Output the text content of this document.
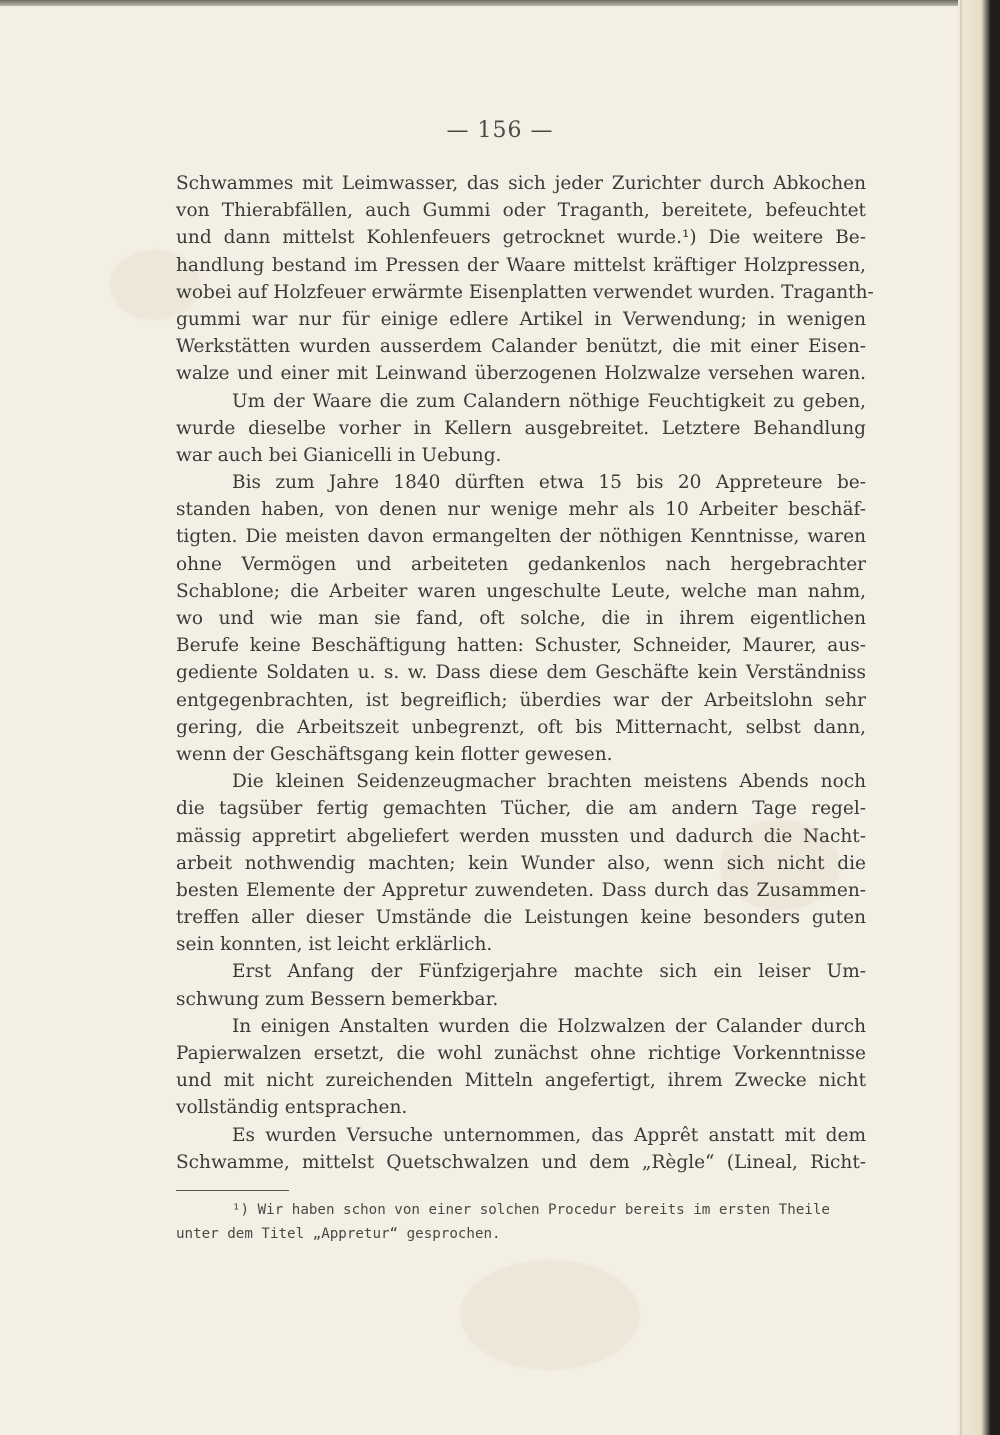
— 156 —
Schwammes mit Leimwasser, das sich jeder Zurichter durch Abkochen
von Thierabfällen, auch Gummi oder Traganth, bereitete, befeuchtet
und dann mittelst Kohlenfeuers getrocknet wurde.¹) Die weitere Be-
handlung bestand im Pressen der Waare mittelst kräftiger Holzpressen,
wobei auf Holzfeuer erwärmte Eisenplatten verwendet wurden. Traganth-
gummi war nur für einige edlere Artikel in Verwendung; in wenigen
Werkstätten wurden ausserdem Calander benützt, die mit einer Eisen-
walze und einer mit Leinwand überzogenen Holzwalze versehen waren.
Um der Waare die zum Calandern nöthige Feuchtigkeit zu geben,
wurde dieselbe vorher in Kellern ausgebreitet. Letztere Behandlung
war auch bei Gianicelli in Uebung.
Bis zum Jahre 1840 dürften etwa 15 bis 20 Appreteure be-
standen haben, von denen nur wenige mehr als 10 Arbeiter beschäf-
tigten. Die meisten davon ermangelten der nöthigen Kenntnisse, waren
ohne Vermögen und arbeiteten gedankenlos nach hergebrachter
Schablone; die Arbeiter waren ungeschulte Leute, welche man nahm,
wo und wie man sie fand, oft solche, die in ihrem eigentlichen
Berufe keine Beschäftigung hatten: Schuster, Schneider, Maurer, aus-
gediente Soldaten u. s. w. Dass diese dem Geschäfte kein Verständniss
entgegenbrachten, ist begreiflich; überdies war der Arbeitslohn sehr
gering, die Arbeitszeit unbegrenzt, oft bis Mitternacht, selbst dann,
wenn der Geschäftsgang kein flotter gewesen.
Die kleinen Seidenzeugmacher brachten meistens Abends noch
die tagsüber fertig gemachten Tücher, die am andern Tage regel-
mässig appretirt abgeliefert werden mussten und dadurch die Nacht-
arbeit nothwendig machten; kein Wunder also, wenn sich nicht die
besten Elemente der Appretur zuwendeten. Dass durch das Zusammen-
treffen aller dieser Umstände die Leistungen keine besonders guten
sein konnten, ist leicht erklärlich.
Erst Anfang der Fünfzigerjahre machte sich ein leiser Um-
schwung zum Bessern bemerkbar.
In einigen Anstalten wurden die Holzwalzen der Calander durch
Papierwalzen ersetzt, die wohl zunächst ohne richtige Vorkenntnisse
und mit nicht zureichenden Mitteln angefertigt, ihrem Zwecke nicht
vollständig entsprachen.
Es wurden Versuche unternommen, das Apprêt anstatt mit dem
Schwamme, mittelst Quetschwalzen und dem „Règle“ (Lineal, Richt-
¹) Wir haben schon von einer solchen Procedur bereits im ersten Theile
unter dem Titel „Appretur“ gesprochen.
